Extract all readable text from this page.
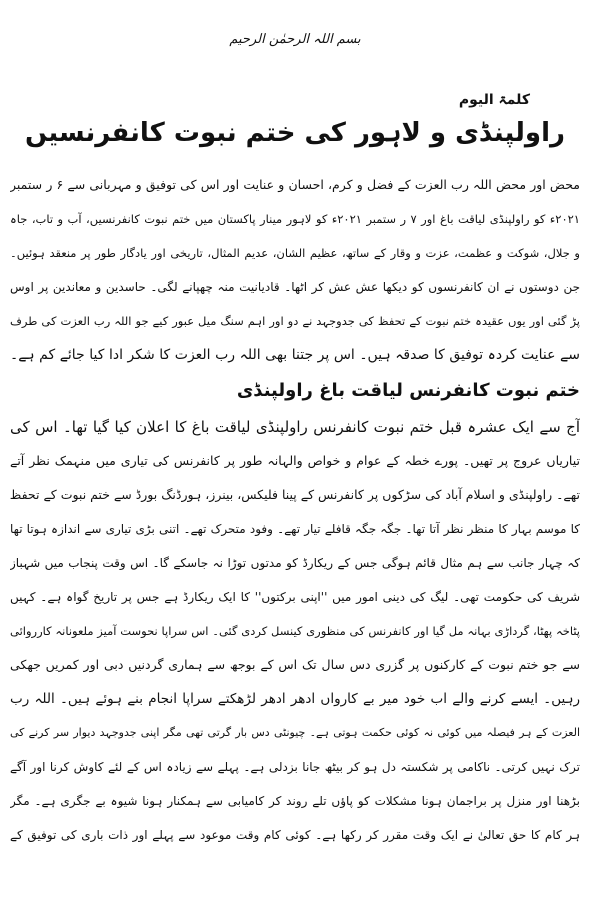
بسم اللہ الرحمٰن الرحیم
کلمۃ الیوم
راولپنڈی و لاہور کی ختم نبوت کانفرنسیں
محض اور محض اللہ رب العزت کے فضل و کرم، احسان و عنایت اور اس کی توفیق و مہربانی سے ۶ ر ستمبر
۲۰۲۱ء کو راولپنڈی لیاقت باغ اور ۷ ر ستمبر ۲۰۲۱ء کو لاہور مینار پاکستان میں ختم نبوت کانفرنسیں، آب و تاب، جاہ
و جلال، شوکت و عظمت، عزت و وقار کے ساتھ، عظیم الشان، عدیم المثال، تاریخی اور یادگار طور پر منعقد ہوئیں۔
جن دوستوں نے ان کانفرنسوں کو دیکھا عش عش کر اٹھا۔ قادیانیت منہ چھپانے لگی۔ حاسدین و معاندین پر اوس
پڑ گئی اور یوں عقیدہ ختم نبوت کے تحفظ کی جدوجہد نے دو اور اہم سنگ میل عبور کیے جو اللہ رب العزت کی طرف
سے عنایت کردہ توفیق کا صدقہ ہیں۔ اس پر جتنا بھی اللہ رب العزت کا شکر ادا کیا جائے کم ہے۔
ختم نبوت کانفرنس لیاقت باغ راولپنڈی
آج سے ایک عشرہ قبل ختم نبوت کانفرنس راولپنڈی لیاقت باغ کا اعلان کیا گیا تھا۔ اس کی
تیاریاں عروج پر تھیں۔ پورے خطہ کے عوام و خواص والہانہ طور پر کانفرنس کی تیاری میں منہمک نظر آتے
تھے۔ راولپنڈی و اسلام آباد کی سڑکوں پر کانفرنس کے پینا فلیکس، بینرز، ہورڈنگ بورڈ سے ختم نبوت کے تحفظ
کا موسم بہار کا منظر نظر آتا تھا۔ جگہ جگہ قافلے تیار تھے۔ وفود متحرک تھے۔ اتنی بڑی تیاری سے اندازہ ہوتا تھا
کہ چہار جانب سے ہم مثال قائم ہوگی جس کے ریکارڈ کو مدتوں توڑا نہ جاسکے گا۔ اس وقت پنجاب میں شہباز
شریف کی حکومت تھی۔ لیگ کی دینی امور میں ''اپنی برکتوں'' کا ایک ریکارڈ ہے جس پر تاریخ گواہ ہے۔ کہیں
پٹاخہ پھٹا، گرداڑی بہانہ مل گیا اور کانفرنس کی منظوری کینسل کردی گئی۔ اس سراپا نحوست آمیز ملعونانہ کارروائی
سے جو ختم نبوت کے کارکنوں پر گزری دس سال تک اس کے بوجھ سے ہماری گردنیں دبی اور کمریں جھکی
رہیں۔ ایسے کرنے والے اب خود میر بے کارواں ادھر ادھر لڑھکتے سراپا انجام بنے ہوئے ہیں۔ اللہ رب
العزت کے ہر فیصلہ میں کوئی نہ کوئی حکمت ہوتی ہے۔ چیونٹی دس بار گرتی تھی مگر اپنی جدوجہد دیوار سر کرنے کی
ترک نہیں کرتی۔ ناکامی پر شکستہ دل ہو کر بیٹھ جانا بزدلی ہے۔ پہلے سے زیادہ اس کے لئے کاوش کرنا اور آگے
بڑھنا اور منزل پر براجمان ہونا مشکلات کو پاؤں تلے روند کر کامیابی سے ہمکنار ہونا شیوہ بے جگری ہے۔ مگر
ہر کام کا حق تعالیٰ نے ایک وقت مقرر کر رکھا ہے۔ کوئی کام وقت موعود سے پہلے اور ذات باری کی توفیق کے
